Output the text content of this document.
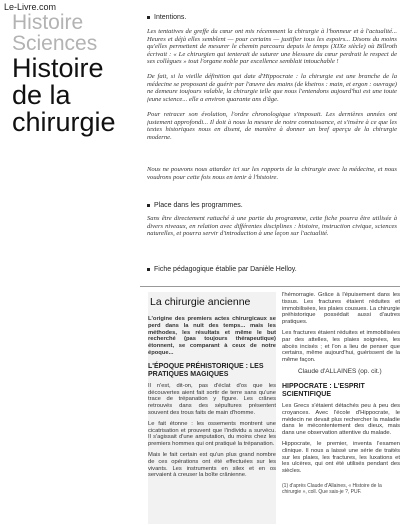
Le-Livre.com
Histoire
Sciences
Histoire
de la
chirurgie
Intentions.
Les tentatives de greffe du cœur ont mis récemment la chirurgie à l'honneur et à l'actualité... Heures et déjà elles semblent — pour certains — justifier tous les espoirs... Disons du moins qu'elles permettent de mesurer le chemin parcouru depuis le temps (XIXe siècle) où Billroth écrivait : « Le chirurgien qui tenterait de suturer une blessure du cœur perdrait le respect de ses collègues » tout l'organe noble par excellence semblait intouchable !
De fait, si la vieille définition qui date d'Hippocrate : la chirurgie est une branche de la médecine se proposant de guérir par l'œuvre des mains (de kheiros : main, et ergon : ouvrage) ne demeure toujours valable, la chirurgie telle que nous l'entendons aujourd'hui est une toute jeune science... elle a environ quarante ans d'âge.
Pour retracer son évolution, l'ordre chronologique s'imposait. Les dernières années ont justement approfondi... Il doit à nous la mesure de notre connaissance, et s'insère à ce que les textes historiques nous en disent, de manière à donner un bref aperçu de la chirurgie moderne.
Nous ne pouvons nous attarder ici sur les rapports de la chirurgie avec la médecine, et nous voudrons pour cette fois nous en tenir à l'histoire.
Place dans les programmes.
Sans être directement rattaché à une partie du programme, cette fiche pourra être utilisée à divers niveaux, en relation avec différentes disciplines : histoire, instruction civique, sciences naturelles, et pourra servir d'introduction à une leçon sur l'actualité.
Fiche pédagogique établie par Danièle Helloy.
La chirurgie ancienne

L'origine des premiers actes chirurgicaux se perd dans la nuit des temps... mais les méthodes, les résultats et même le but recherché (pas toujours thérapeutique) étonnent, se comparant à ceux de notre époque...

L'ÉPOQUE PRÉHISTORIQUE : LES PRATIQUES MAGIQUES

Il n'est, dit-on, pas d'éclat d'os que les découvertes aient fait sortir de terre sans qu'une trace de trépanation y figure. Les crânes retrouvés dans des sépultures présentent souvent des trous faits de main d'homme.

Le fait étonne : les ossements montrent une cicatrisation et prouvent que l'individu a survécu. Il s'agissait d'une amputation, du moins chez les premiers hommes qui ont pratiqué la trépanation.

Mais le fait certain est qu'un plus grand nombre de ces opérations ont été effectuées sur les vivants. Les instruments en silex et en os servaient à creuser la boîte crânienne.

l'hémorragie. Grâce à l'épuisement dans les tissus. Les fractures étaient réduites et immobilisées, les plaies cousues. La chirurgie préhistorique possédait aussi d'autres pratiques.

Les fractures étaient réduites et immobilisées par des attelles, les plaies soignées, les abcès incisés ; et l'on a lieu de penser que certains, même aujourd'hui, guérissent de la même façon.

Claude d'ALLAINES (op. cit.)
HIPPOCRATE : L'ESPRIT SCIENTIFIQUE

Les Grecs s'étaient détachés peu à peu des croyances. Avec l'école d'Hippocrate, le médecin ne devait plus rechercher la maladie dans le mécontentement des dieux, mais dans une observation attentive du malade.

Hippocrate, le premier, inventa l'examen clinique. Il nous a laissé une série de traités sur les plaies, les fractures, les luxations et les ulcères, qui ont été utilisés pendant des siècles.

(1) d'après Claude d'Allaines, « Histoire de la chirurgie », coll. Que sais-je ?, PUF.
